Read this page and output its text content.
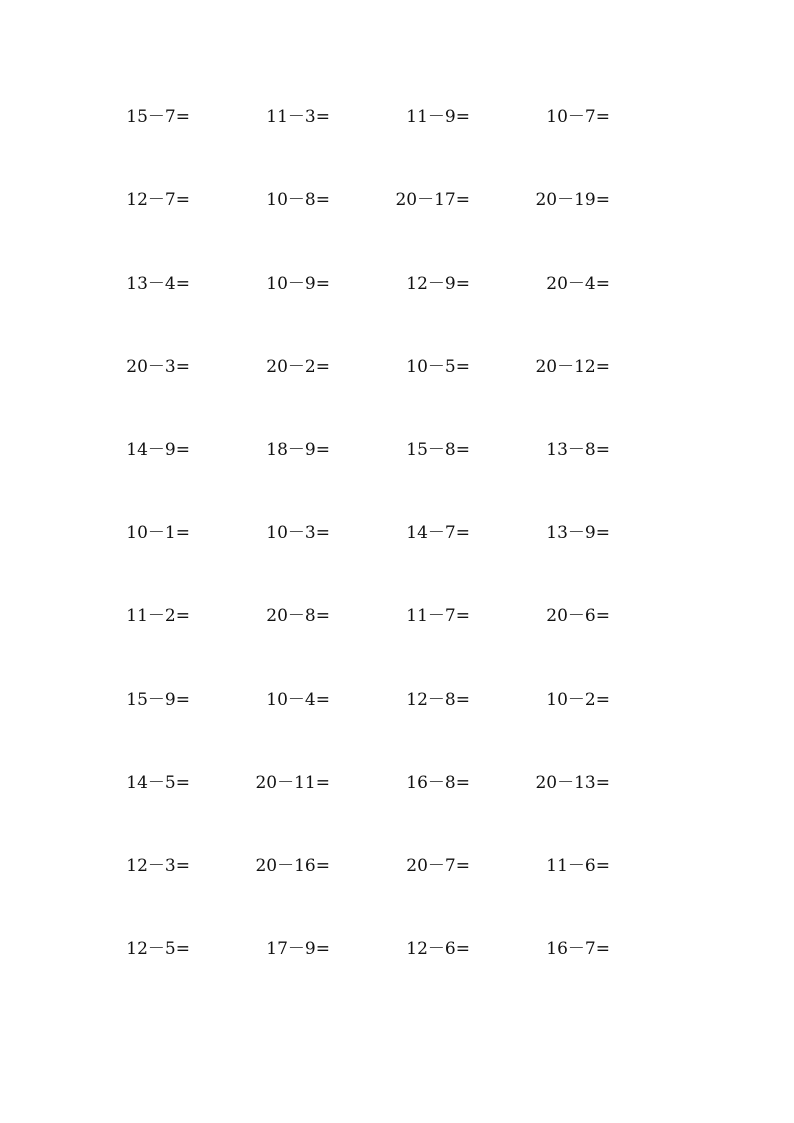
15－7=	11－3=	11－9=	10－7=
12－7=	10－8=	20－17=	20－19=
13－4=	10－9=	12－9=	20－4=
20－3=	20－2=	10－5=	20－12=
14－9=	18－9=	15－8=	13－8=
10－1=	10－3=	14－7=	13－9=
11－2=	20－8=	11－7=	20－6=
15－9=	10－4=	12－8=	10－2=
14－5=	20－11=	16－8=	20－13=
12－3=	20－16=	20－7=	11－6=
12－5=	17－9=	12－6=	16－7=
